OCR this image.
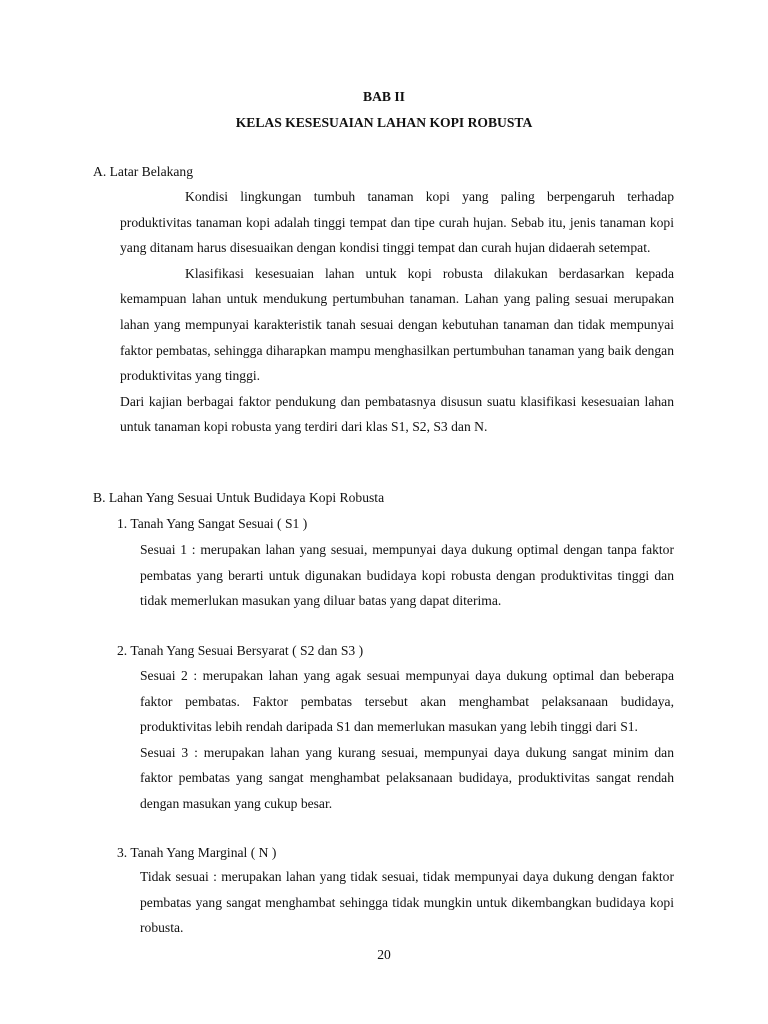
BAB II
KELAS KESESUAIAN LAHAN KOPI ROBUSTA
A. Latar Belakang

Kondisi lingkungan tumbuh tanaman kopi yang paling berpengaruh terhadap produktivitas tanaman kopi adalah tinggi tempat dan tipe curah hujan. Sebab itu, jenis tanaman kopi yang ditanam harus disesuaikan dengan kondisi tinggi tempat dan curah hujan didaerah setempat.

Klasifikasi kesesuaian lahan untuk kopi robusta dilakukan berdasarkan kepada kemampuan lahan untuk mendukung pertumbuhan tanaman. Lahan yang paling sesuai merupakan lahan yang mempunyai karakteristik tanah sesuai dengan kebutuhan tanaman dan tidak mempunyai faktor pembatas, sehingga diharapkan mampu menghasilkan pertumbuhan tanaman yang baik dengan produktivitas yang tinggi.

Dari kajian berbagai faktor pendukung dan pembatasnya disusun suatu klasifikasi kesesuaian lahan untuk tanaman kopi robusta yang terdiri dari klas S1, S2, S3 dan N.

B. Lahan Yang Sesuai Untuk Budidaya Kopi Robusta
1. Tanah Yang Sangat Sesuai ( S1 )

Sesuai 1 : merupakan lahan yang sesuai, mempunyai daya dukung optimal dengan tanpa faktor pembatas yang berarti untuk digunakan budidaya kopi robusta dengan produktivitas tinggi dan tidak memerlukan masukan yang diluar batas yang dapat diterima.

2. Tanah Yang Sesuai Bersyarat ( S2 dan S3 )

Sesuai 2 : merupakan lahan yang agak sesuai mempunyai daya dukung optimal dan beberapa faktor pembatas. Faktor pembatas tersebut akan menghambat pelaksanaan budidaya, produktivitas lebih rendah daripada S1 dan memerlukan masukan yang lebih tinggi dari S1.

Sesuai 3 : merupakan lahan yang kurang sesuai, mempunyai daya dukung sangat minim dan faktor pembatas yang sangat menghambat pelaksanaan budidaya, produktivitas sangat rendah dengan masukan yang cukup besar.

3. Tanah Yang Marginal ( N )

Tidak sesuai : merupakan lahan yang tidak sesuai, tidak mempunyai daya dukung dengan faktor pembatas yang sangat menghambat sehingga tidak mungkin untuk dikembangkan budidaya kopi robusta.

20
